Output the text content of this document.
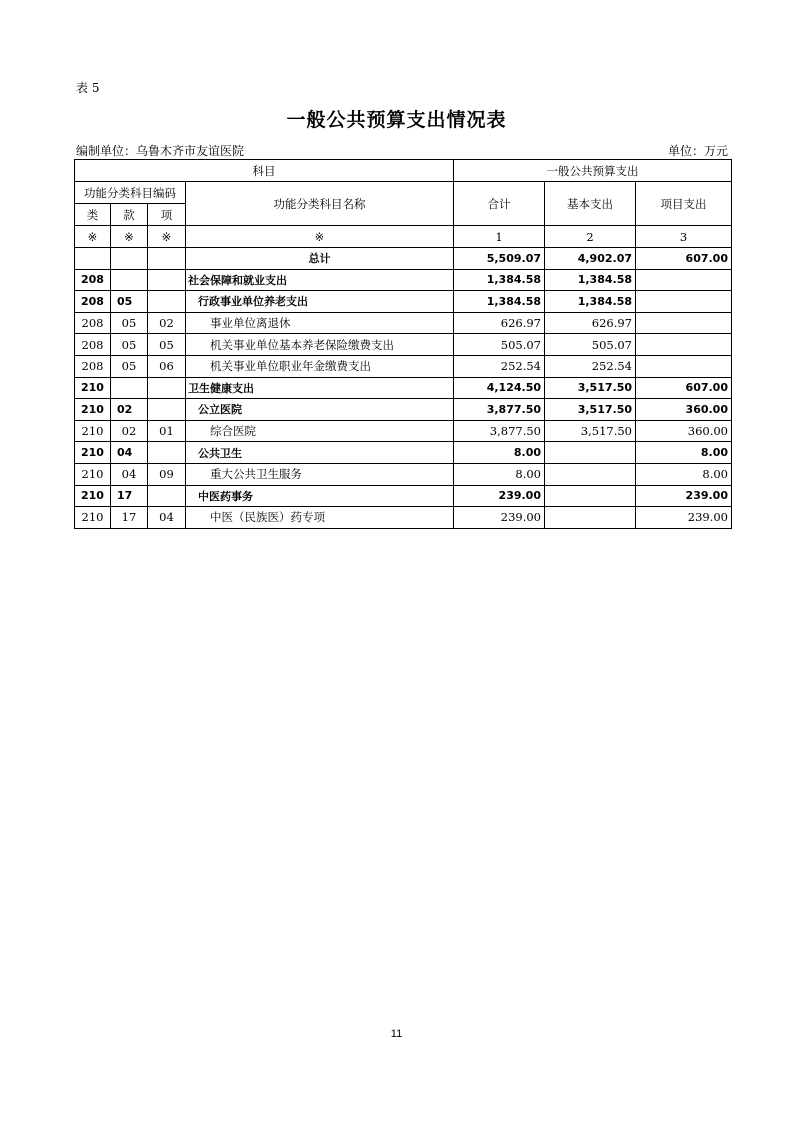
表 5
一般公共预算支出情况表
编制单位：乌鲁木齐市友谊医院	单位：万元
科目				一般公共预算支出		
功能分类科目编码			功能分类科目名称	合计	基本支出	项目支出
类	款	项				
※	※	※	※	1	2	3
			总计	5,509.07	4,902.07	607.00
208			社会保障和就业支出	1,384.58	1,384.58	
208	05		行政事业单位养老支出	1,384.58	1,384.58	
208	05	02	事业单位离退休	626.97	626.97	
208	05	05	机关事业单位基本养老保险缴费支出	505.07	505.07	
208	05	06	机关事业单位职业年金缴费支出	252.54	252.54	
210			卫生健康支出	4,124.50	3,517.50	607.00
210	02		公立医院	3,877.50	3,517.50	360.00
210	02	01	综合医院	3,877.50	3,517.50	360.00
210	04		公共卫生	8.00		8.00
210	04	09	重大公共卫生服务	8.00		8.00
210	17		中医药事务	239.00		239.00
210	17	04	中医（民族医）药专项	239.00		239.00
11
